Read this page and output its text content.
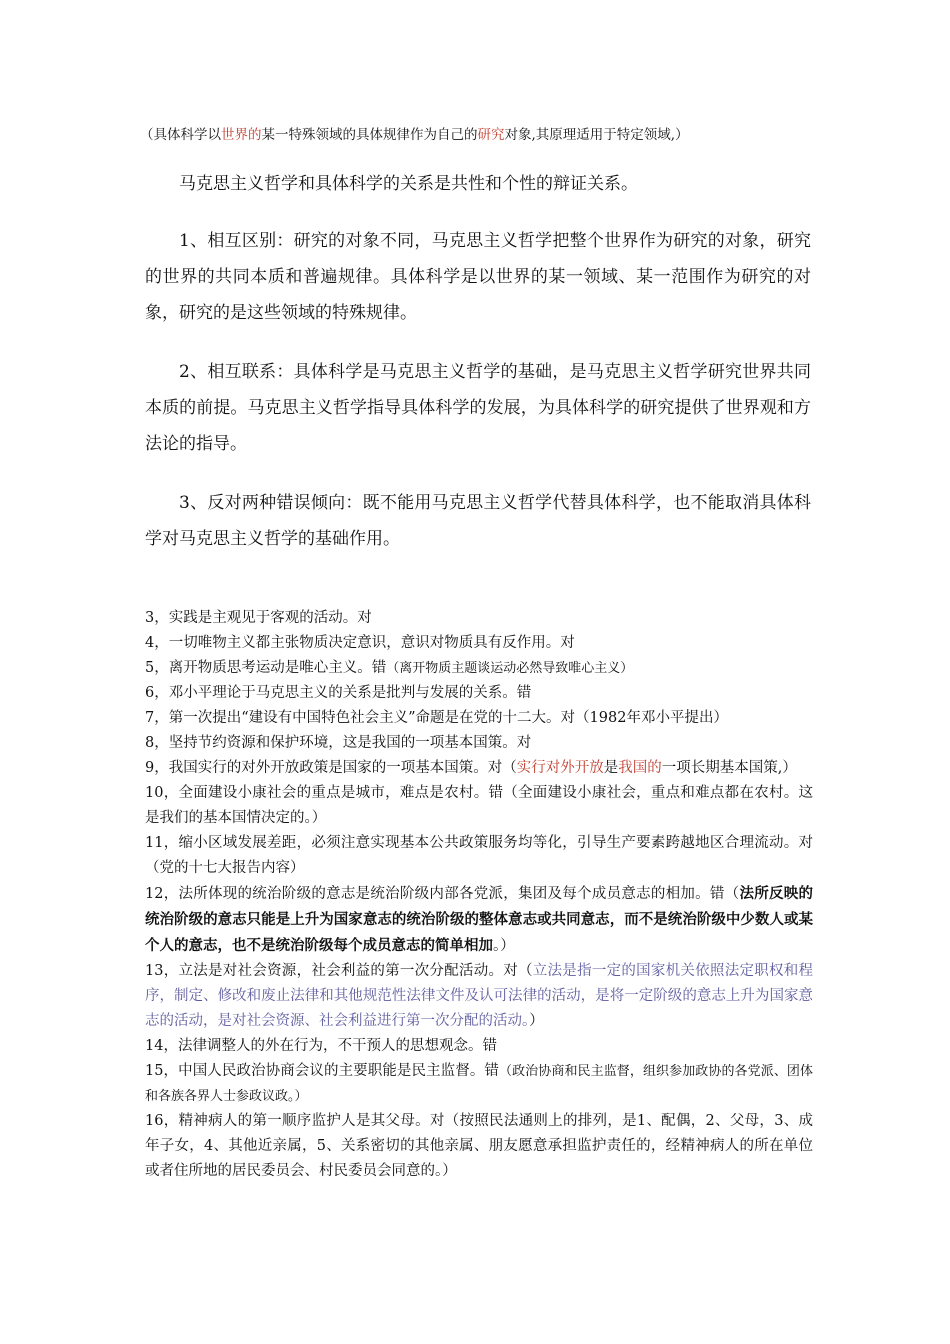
（具体科学以世界的某一特殊领域的具体规律作为自己的研究对象,其原理适用于特定领域,）
马克思主义哲学和具体科学的关系是共性和个性的辩证关系。
1、相互区别：研究的对象不同，马克思主义哲学把整个世界作为研究的对象，研究的世界的共同本质和普遍规律。具体科学是以世界的某一领域、某一范围作为研究的对象，研究的是这些领域的特殊规律。
2、相互联系：具体科学是马克思主义哲学的基础，是马克思主义哲学研究世界共同本质的前提。马克思主义哲学指导具体科学的发展，为具体科学的研究提供了世界观和方法论的指导。
3、反对两种错误倾向：既不能用马克思主义哲学代替具体科学，也不能取消具体科学对马克思主义哲学的基础作用。

3，实践是主观见于客观的活动。对

4，一切唯物主义都主张物质决定意识，意识对物质具有反作用。对

5，离开物质思考运动是唯心主义。错（离开物质主题谈运动必然导致唯心主义）

6，邓小平理论于马克思主义的关系是批判与发展的关系。错

7，第一次提出“建设有中国特色社会主义”命题是在党的十二大。对（1982年邓小平提出）

8，坚持节约资源和保护环境，这是我国的一项基本国策。对

9，我国实行的对外开放政策是国家的一项基本国策。对（实行对外开放是我国的一项长期基本国策,）

10，全面建设小康社会的重点是城市，难点是农村。错（全面建设小康社会，重点和难点都在农村。这是我们的基本国情决定的。）

11，缩小区域发展差距，必须注意实现基本公共政策服务均等化，引导生产要素跨越地区合理流动。对 （党的十七大报告内容）

12，法所体现的统治阶级的意志是统治阶级内部各党派，集团及每个成员意志的相加。错（法所反映的统治阶级的意志只能是上升为国家意志的统治阶级的整体意志或共同意志，而不是统治阶级中少数人或某个人的意志，也不是统治阶级每个成员意志的简单相加。）

13，立法是对社会资源，社会利益的第一次分配活动。对（立法是指一定的国家机关依照法定职权和程序，制定、修改和废止法律和其他规范性法律文件及认可法律的活动，是将一定阶级的意志上升为国家意志的活动，是对社会资源、社会利益进行第一次分配的活动。）

14，法律调整人的外在行为，不干预人的思想观念。错

15，中国人民政治协商会议的主要职能是民主监督。错（政治协商和民主监督，组织参加政协的各党派、团体和各族各界人士参政议政。）

16，精神病人的第一顺序监护人是其父母。对（按照民法通则上的排列，是1、配偶，2、父母，3、成年子女，4、其他近亲属，5、关系密切的其他亲属、朋友愿意承担监护责任的，经精神病人的所在单位或者住所地的居民委员会、村民委员会同意的。）
